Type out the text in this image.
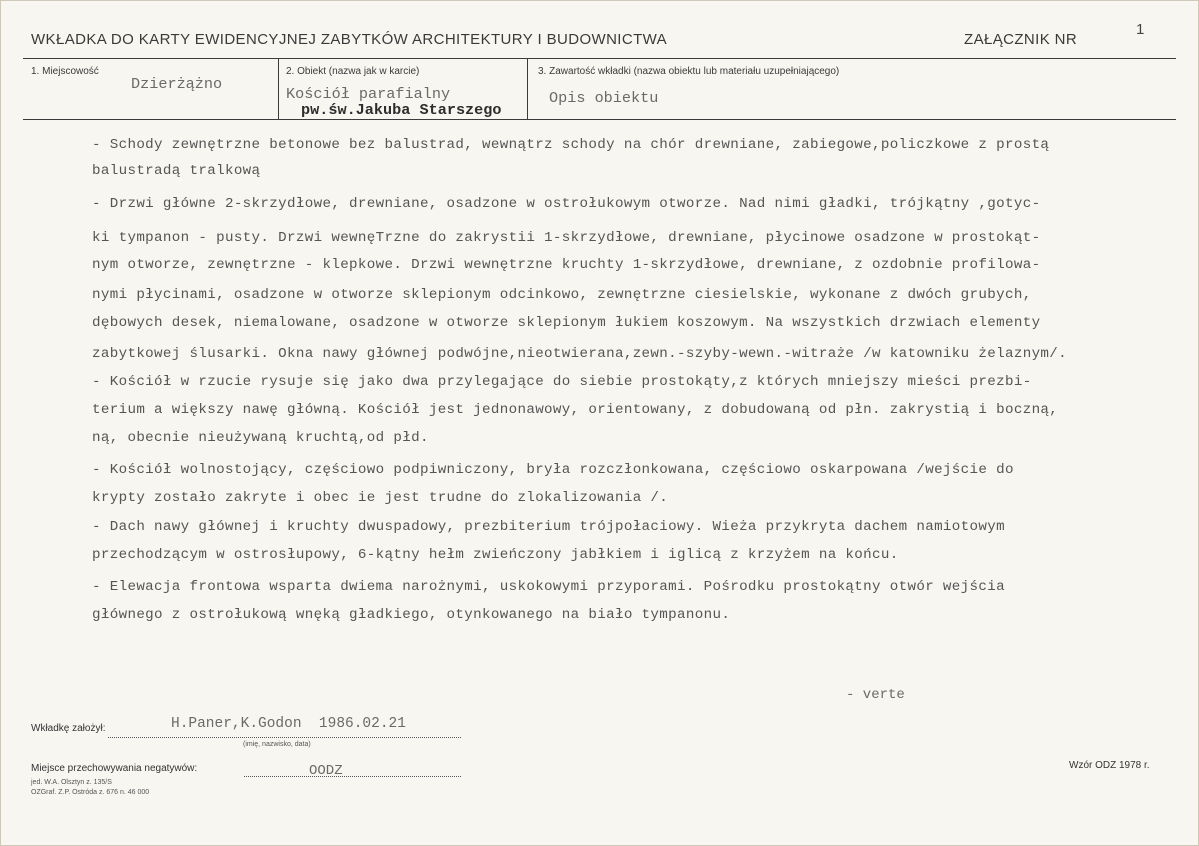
WKŁADKA DO KARTY EWIDENCYJNEJ ZABYTKÓW ARCHITEKTURY I BUDOWNICTWA	ZAŁĄCZNIK NR
1
1. Miejscowość
Dzierżążno
2. Obiekt (nazwa jak w karcie)
Kościół parafialny
pw.św.Jakuba Starszego
3. Zawartość wkładki (nazwa obiektu lub materiału uzupełniającego)
Opis obiektu
- Schody zewnętrzne betonowe bez balustrad, wewnątrz schody na chór drewniane, zabiegowe,policzkowe z prostą
balustradą tralkową
- Drzwi główne 2-skrzydłowe, drewniane, osadzone w ostrołukowym otworze. Nad nimi gładki, trójkątny ,gotyc-
ki tympanon - pusty. Drzwi wewnęTrzne do zakrystii 1-skrzydłowe, drewniane, płycinowe osadzone w prostokąt-
nym otworze, zewnętrzne - klepkowe. Drzwi wewnętrzne kruchty 1-skrzydłowe, drewniane, z ozdobnie profilowa-
nymi płycinami, osadzone w otworze sklepionym odcinkowo, zewnętrzne ciesielskie, wykonane z dwóch grubych,
dębowych desek, niemalowane, osadzone w otworze sklepionym łukiem koszowym. Na wszystkich drzwiach elementy
zabytkowej ślusarki. Okna nawy głównej podwójne,nieotwierana,zewn.-szyby-wewn.-witraże /w katowniku żelaznym/.
- Kościół w rzucie rysuje się jako dwa przylegające do siebie prostokąty,z których mniejszy mieści prezbi-
terium a większy nawę główną. Kościół jest jednonawowy, orientowany, z dobudowaną od płn. zakrystią i boczną,
ną, obecnie nieużywaną kruchtą,od płd.
- Kościół wolnostojący, częściowo podpiwniczony, bryła rozczłonkowana, częściowo oskarpowana /wejście do
krypty zostało zakryte i obec ie jest trudne do zlokalizowania /.
- Dach nawy głównej i kruchty dwuspadowy, prezbiterium trójpołaciowy. Wieża przykryta dachem namiotowym
przechodzącym w ostrosłupowy, 6-kątny hełm zwieńczony jabłkiem i iglicą z krzyżem na końcu.
- Elewacja frontowa wsparta dwiema narożnymi, uskokowymi przyporami. Pośrodku prostokątny otwór wejścia
głównego z ostrołukową wnęką gładkiego, otynkowanego na biało tympanonu.
- verte
Wkładkę założył:	H.Paner,K.Godon  1986.02.21
(imię, nazwisko, data)
Miejsce przechowywania negatywów:	OODZ
jed. W.A. Olsztyn z. 135/S
OZGraf. Z.P. Ostróda z. 676 n. 46 000
Wzór ODZ 1978 r.
